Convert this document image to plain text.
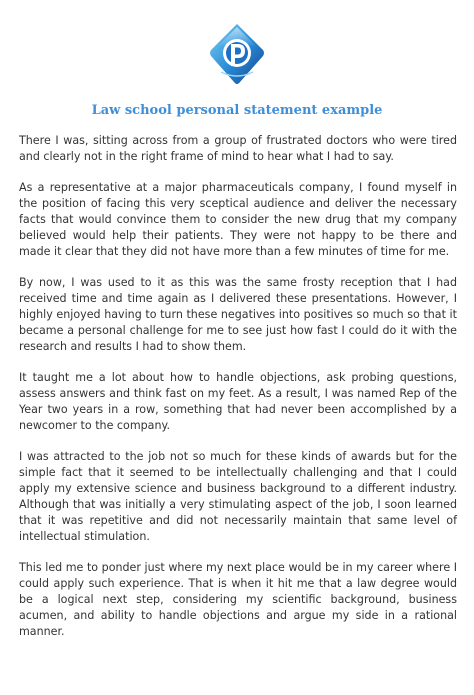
Law school personal statement example

There I was, sitting across from a group of frustrated doctors who were tired and clearly not in the right frame of mind to hear what I had to say.

As a representative at a major pharmaceuticals company, I found myself in the position of facing this very sceptical audience and deliver the necessary facts that would convince them to consider the new drug that my company believed would help their patients. They were not happy to be there and made it clear that they did not have more than a few minutes of time for me.

By now, I was used to it as this was the same frosty reception that I had received time and time again as I delivered these presentations. However, I highly enjoyed having to turn these negatives into positives so much so that it became a personal challenge for me to see just how fast I could do it with the research and results I had to show them.

It taught me a lot about how to handle objections, ask probing questions, assess answers and think fast on my feet. As a result, I was named Rep of the Year two years in a row, something that had never been accomplished by a newcomer to the company.

I was attracted to the job not so much for these kinds of awards but for the simple fact that it seemed to be intellectually challenging and that I could apply my extensive science and business background to a different industry. Although that was initially a very stimulating aspect of the job, I soon learned that it was repetitive and did not necessarily maintain that same level of intellectual stimulation.

This led me to ponder just where my next place would be in my career where I could apply such experience. That is when it hit me that a law degree would be a logical next step, considering my scientific background, business acumen, and ability to handle objections and argue my side in a rational manner.
